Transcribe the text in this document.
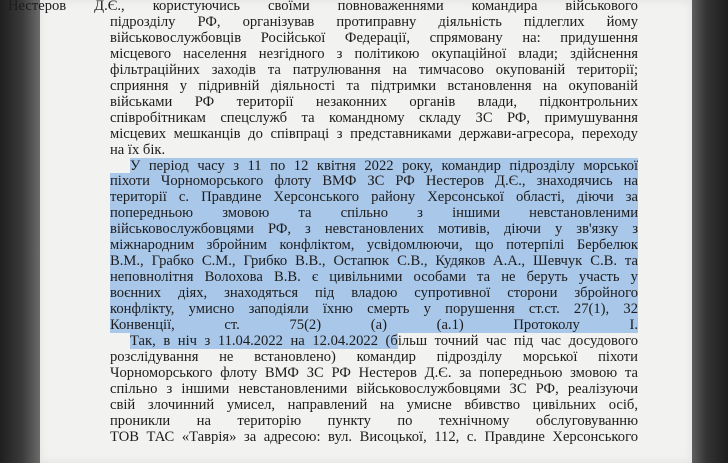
Нестеров Д.Є., користуючись своїми повноваженнями командира військового
підрозділу РФ, організував протиправну діяльність підлеглих йому
військовослужбовців Російської Федерації, спрямовану на: придушення
місцевого населення незгідного з політикою окупаційної влади; здійснення
фільтраційних заходів та патрулювання на тимчасово окупованій території;
сприяння у підривній діяльності та підтримки встановлення на окупованій
військами РФ території незаконних органів влади, підконтрольних
співробітникам спецслужб та командному складу ЗС РФ, примушування
місцевих мешканців до співпраці з представниками держави-агресора, переходу
на їх бік.
У період часу з 11 по 12 квітня 2022 року, командир підрозділу морської
піхоти Чорноморського флоту ВМФ ЗС РФ Нестеров Д.Є., знаходячись на
території с. Правдине Херсонського району Херсонської області, діючи за
попередньою змовою та спільно з іншими невстановленими
військовослужбовцями РФ, з невстановлених мотивів, діючи у зв'язку з
міжнародним збройним конфліктом, усвідомлюючи, що потерпілі Бербелюк
В.М., Грабко С.М., Грибко В.В., Остапюк С.В., Кудяков А.А., Шевчук С.В. та
неповнолітня Волохова В.В. є цивільними особами та не беруть участь у
воєнних діях, знаходяться під владою супротивної сторони збройного
конфлікту, умисно заподіяли їхню смерть у порушення ст.ст. 27(1), 32
Конвенції, ст. 75(2) (a) (a.1) Протоколу I.
Так, в ніч з 11.04.2022 на 12.04.2022 (більш точний час під час досудового
розслідування не встановлено) командир підрозділу морської піхоти
Чорноморського флоту ВМФ ЗС РФ Нестеров Д.Є. за попередньою змовою та
спільно з іншими невстановленими військовослужбовцями ЗС РФ, реалізуючи
свій злочинний умисел, направлений на умисне вбивство цивільних осіб,
проникли на територію пункту по технічному обслуговуванню
ТОВ ТАС «Таврія» за адресою: вул. Висоцької, 112, с. Правдине Херсонського
